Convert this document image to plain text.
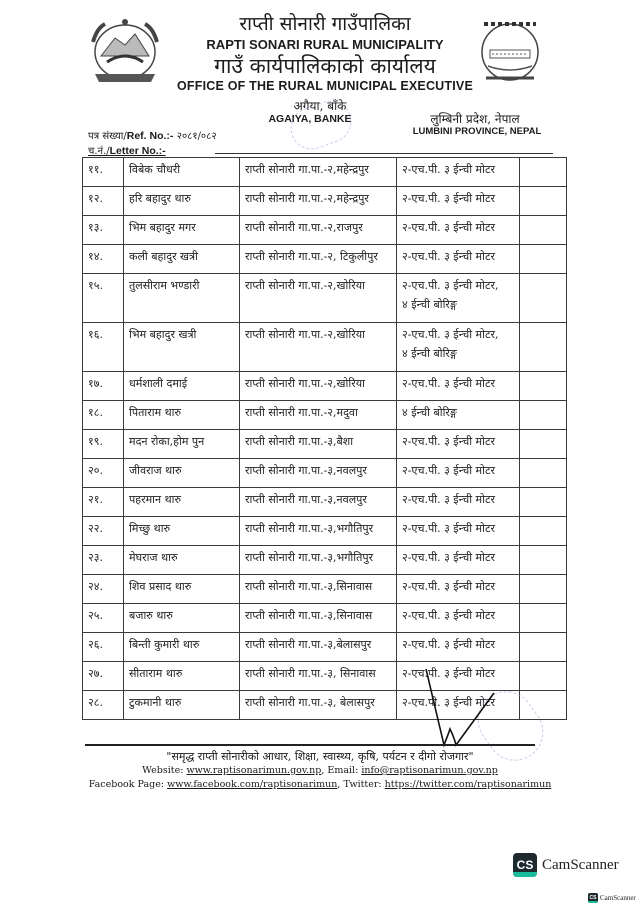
राप्ती सोनारी गाउँपालिका
RAPTI SONARI RURAL MUNICIPALITY
गाउँ कार्यपालिकाको कार्यालय
OFFICE OF THE RURAL MUNICIPAL EXECUTIVE
अगैया, बाँके
AGAIYA, BANKE	लुम्बिनी प्रदेश, नेपाल
LUMBINI PROVINCE, NEPAL
पत्र संख्या/Ref. No.:- २०८१/०८२
च.नं./Letter No.:-
११.	विबेक चौधरी	राप्ती सोनारी गा.पा.-२,महेन्द्रपुर	२-एच.पी. ३ ईन्ची मोटर	

१२.	हरि बहादुर थारु	राप्ती सोनारी गा.पा.-२,महेन्द्रपुर	२-एच.पी. ३ ईन्ची मोटर	

१३.	भिम बहादुर मगर	राप्ती सोनारी गा.पा.-२,राजपुर	२-एच.पी. ३ ईन्ची मोटर	

१४.	कली बहादुर खत्री	राप्ती सोनारी गा.पा.-२, टिकुलीपुर	२-एच.पी. ३ ईन्ची मोटर	

१५.	तुलसीराम भण्डारी	राप्ती सोनारी गा.पा.-२,खोरिया	२-एच.पी. ३ ईन्ची मोटर,
४ ईन्ची बोरिङ्ग	

१६.	भिम बहादुर खत्री	राप्ती सोनारी गा.पा.-२,खोरिया	२-एच.पी. ३ ईन्ची मोटर,
४ ईन्ची बोरिङ्ग	

१७.	धर्मशाली दमाई	राप्ती सोनारी गा.पा.-२,खोरिया	२-एच.पी. ३ ईन्ची मोटर	

१८.	पिताराम थारु	राप्ती सोनारी गा.पा.-२,मदुवा	४ ईन्ची बोरिङ्ग	

१९.	मदन रोका,होम पुन	राप्ती सोनारी गा.पा.-३,बैशा	२-एच.पी. ३ ईन्ची मोटर	

२०.	जीवराज थारु	राप्ती सोनारी गा.पा.-३,नवलपुर	२-एच.पी. ३ ईन्ची मोटर	

२१.	पहरमान थारु	राप्ती सोनारी गा.पा.-३,नवलपुर	२-एच.पी. ३ ईन्ची मोटर	

२२.	मिच्छु थारु	राप्ती सोनारी गा.पा.-३,भगौतिपुर	२-एच.पी. ३ ईन्ची मोटर	

२३.	मेघराज थारु	राप्ती सोनारी गा.पा.-३,भगौतिपुर	२-एच.पी. ३ ईन्ची मोटर	

२४.	शिव प्रसाद थारु	राप्ती सोनारी गा.पा.-३,सिनावास	२-एच.पी. ३ ईन्ची मोटर	

२५.	बजारु थारु	राप्ती सोनारी गा.पा.-३,सिनावास	२-एच.पी. ३ ईन्ची मोटर	

२६.	बिन्ती कुमारी थारु	राप्ती सोनारी गा.पा.-३,बेलासपुर	२-एच.पी. ३ ईन्ची मोटर	

२७.	सीताराम थारु	राप्ती सोनारी गा.पा.-३, सिनावास	२-एच.पी. ३ ईन्ची मोटर	

२८.	टुकमानी थारु	राप्ती सोनारी गा.पा.-३, बेलासपुर	२-एच.पी. ३ ईन्ची मोटर	

"समृद्ध राप्ती सोनारीको आधार, शिक्षा, स्वास्थ्य, कृषि, पर्यटन र दीगो रोजगार"
Website: www.raptisonarimun.gov.np, Email: info@raptisonarimun.gov.np
Facebook Page: www.facebook.com/raptisonarimun, Twitter: https://twitter.com/raptisonarimun
CS CamScanner
CS CamScanner
